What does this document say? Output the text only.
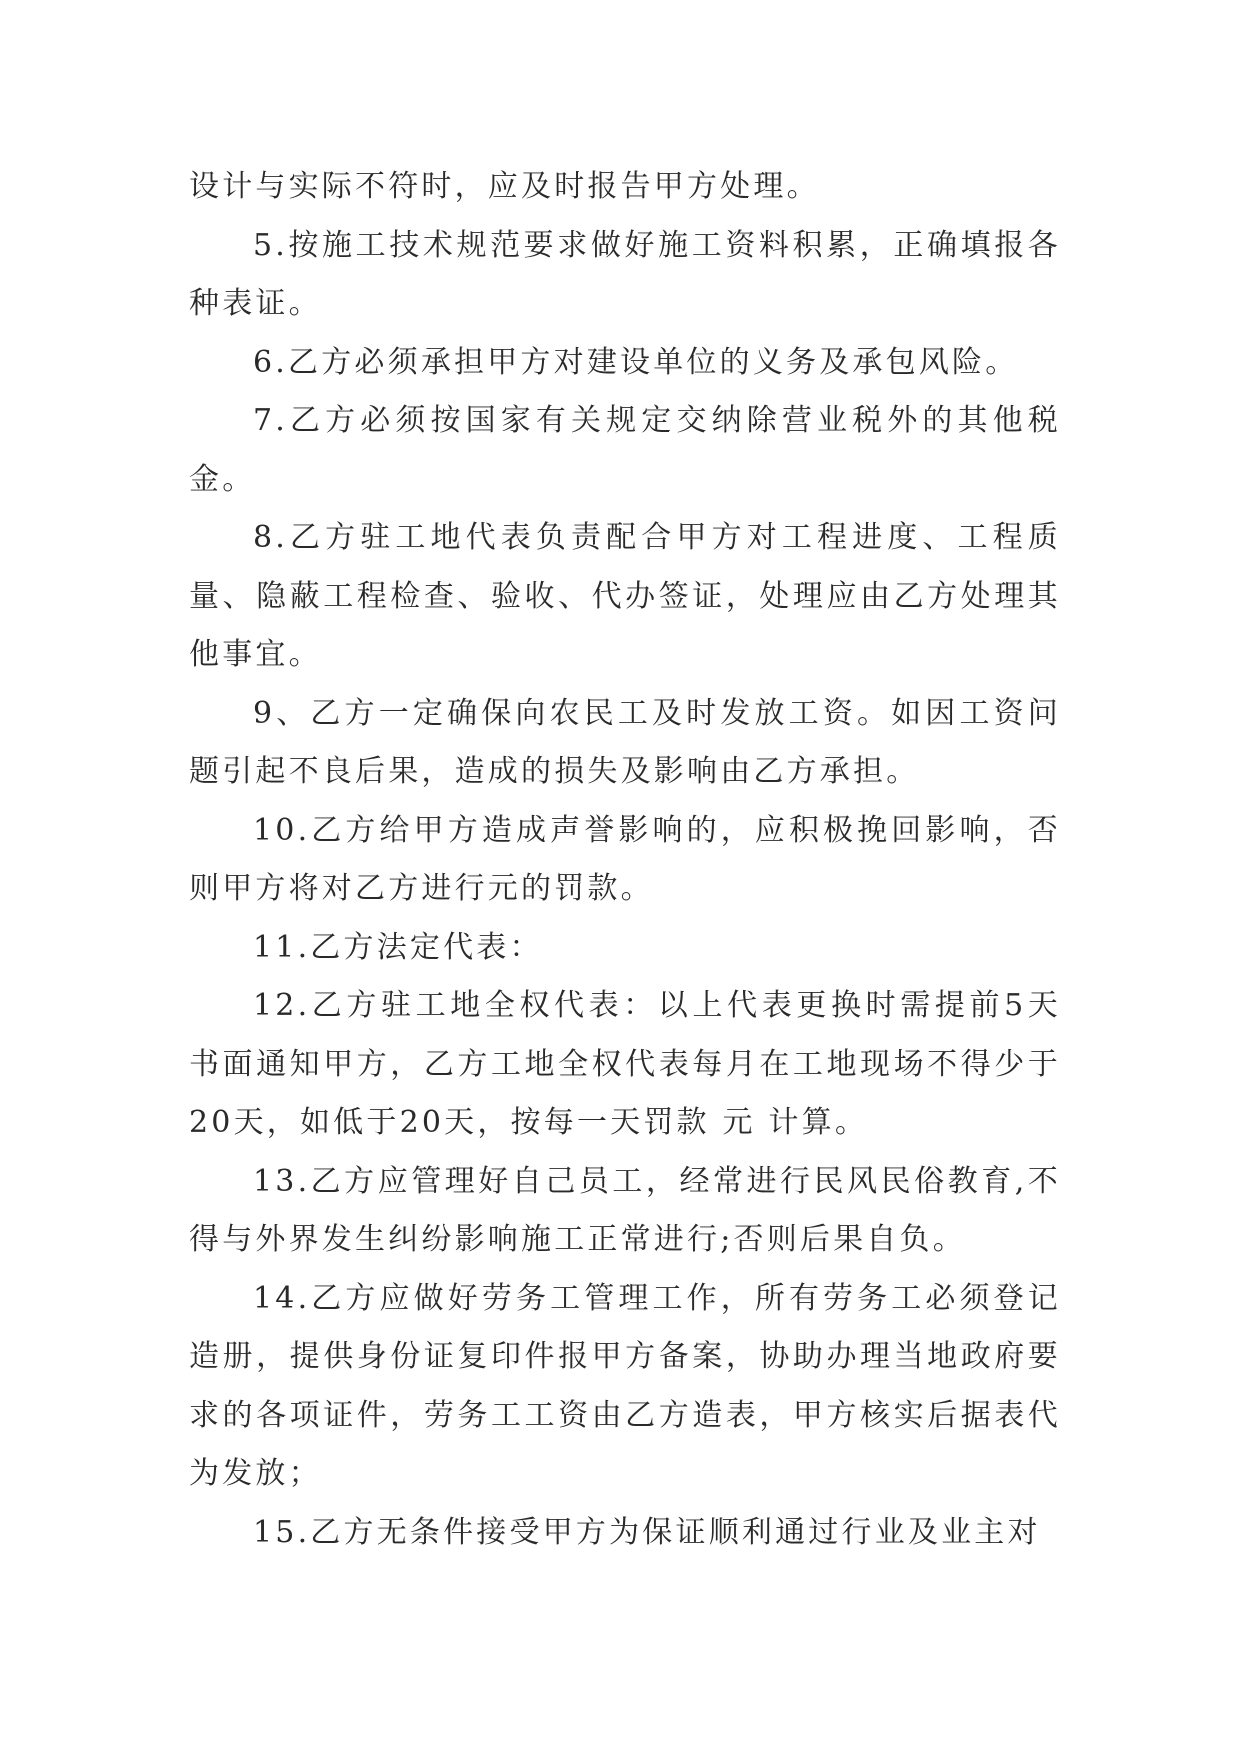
设计与实际不符时，应及时报告甲方处理。

5.按施工技术规范要求做好施工资料积累，正确填报各种表证。

6.乙方必须承担甲方对建设单位的义务及承包风险。

7.乙方必须按国家有关规定交纳除营业税外的其他税金。

8.乙方驻工地代表负责配合甲方对工程进度、工程质量、隐蔽工程检查、验收、代办签证，处理应由乙方处理其他事宜。

9、乙方一定确保向农民工及时发放工资。如因工资问题引起不良后果，造成的损失及影响由乙方承担。

10.乙方给甲方造成声誉影响的，应积极挽回影响，否则甲方将对乙方进行元的罚款。

11.乙方法定代表：

12.乙方驻工地全权代表：以上代表更换时需提前5天书面通知甲方，乙方工地全权代表每月在工地现场不得少于20天，如低于20天，按每一天罚款 元 计算。

13.乙方应管理好自己员工，经常进行民风民俗教育,不得与外界发生纠纷影响施工正常进行;否则后果自负。

14.乙方应做好劳务工管理工作，所有劳务工必须登记造册，提供身份证复印件报甲方备案，协助办理当地政府要求的各项证件，劳务工工资由乙方造表，甲方核实后据表代为发放；

15.乙方无条件接受甲方为保证顺利通过行业及业主对
